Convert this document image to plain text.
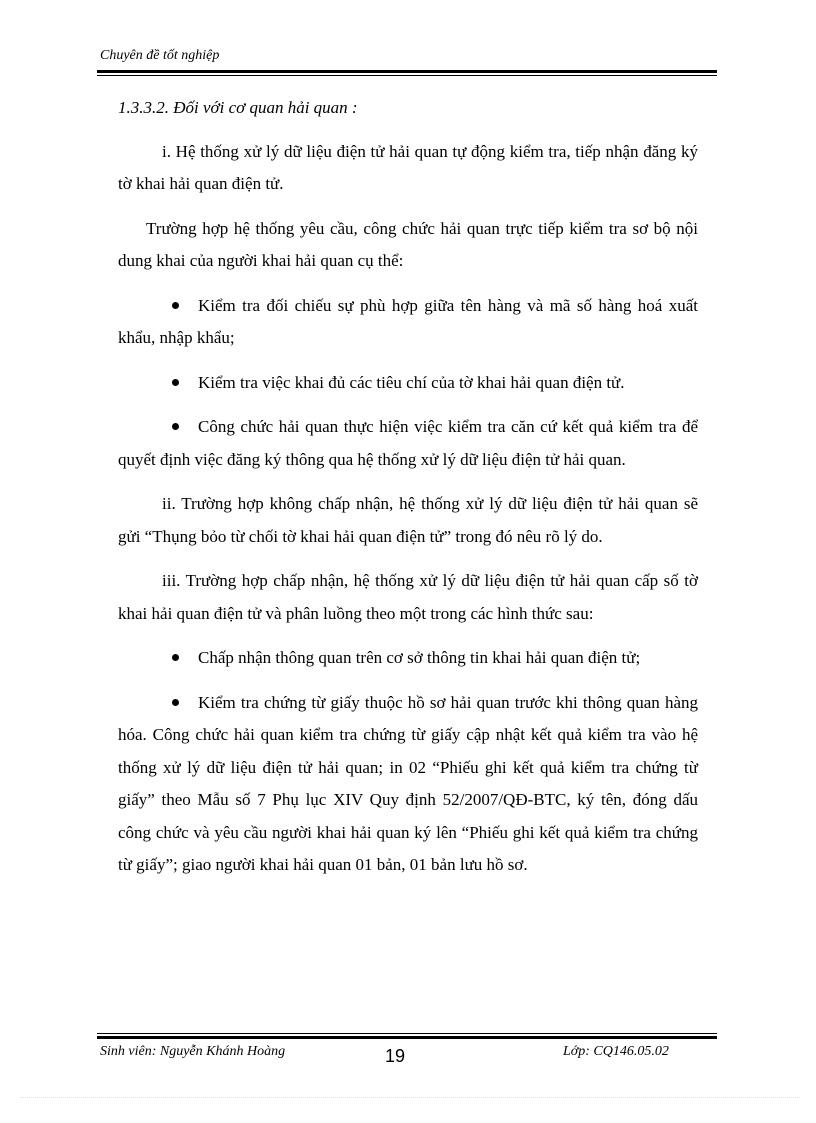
Chuyên đề tốt nghiệp

1.3.3.2. Đối với cơ quan hải quan :

i. Hệ thống xử lý dữ liệu điện tử hải quan tự động kiểm tra, tiếp nhận đăng ký tờ khai hải quan điện tử.

Trường hợp hệ thống yêu cầu, công chức hải quan trực tiếp kiểm tra sơ bộ nội dung khai của người khai hải quan cụ thể:

Kiểm tra đối chiếu sự phù hợp giữa tên hàng và mã số hàng hoá xuất khẩu, nhập khẩu;
Kiểm tra việc khai đủ các tiêu chí của tờ khai hải quan điện tử.
Công chức hải quan thực hiện việc kiểm tra căn cứ kết quả kiểm tra để quyết định việc đăng ký thông qua hệ thống xử lý dữ liệu điện tử hải quan.

ii. Trường hợp không chấp nhận, hệ thống xử lý dữ liệu điện tử hải quan sẽ gửi “Thụng bỏo từ chối tờ khai hải quan điện tử” trong đó nêu rõ lý do.

iii. Trường hợp chấp nhận, hệ thống xử lý dữ liệu điện tử hải quan cấp số tờ khai hải quan điện tử và phân luồng theo một trong các hình thức sau:

Chấp nhận thông quan trên cơ sở thông tin khai hải quan điện tử;
Kiểm tra chứng từ giấy thuộc hồ sơ hải quan trước khi thông quan hàng hóa. Công chức hải quan kiểm tra chứng từ giấy cập nhật kết quả kiểm tra vào hệ thống xử lý dữ liệu điện tử hải quan; in 02 “Phiếu ghi kết quả kiểm tra chứng từ giấy” theo Mẫu số 7 Phụ lục XIV Quy định 52/2007/QĐ-BTC, ký tên, đóng dấu công chức và yêu cầu người khai hải quan ký lên “Phiếu ghi kết quả kiểm tra chứng từ giấy”; giao người khai hải quan 01 bản, 01 bản lưu hồ sơ.
Sinh viên: Nguyễn Khánh Hoàng	19	Lớp: CQ146.05.02
